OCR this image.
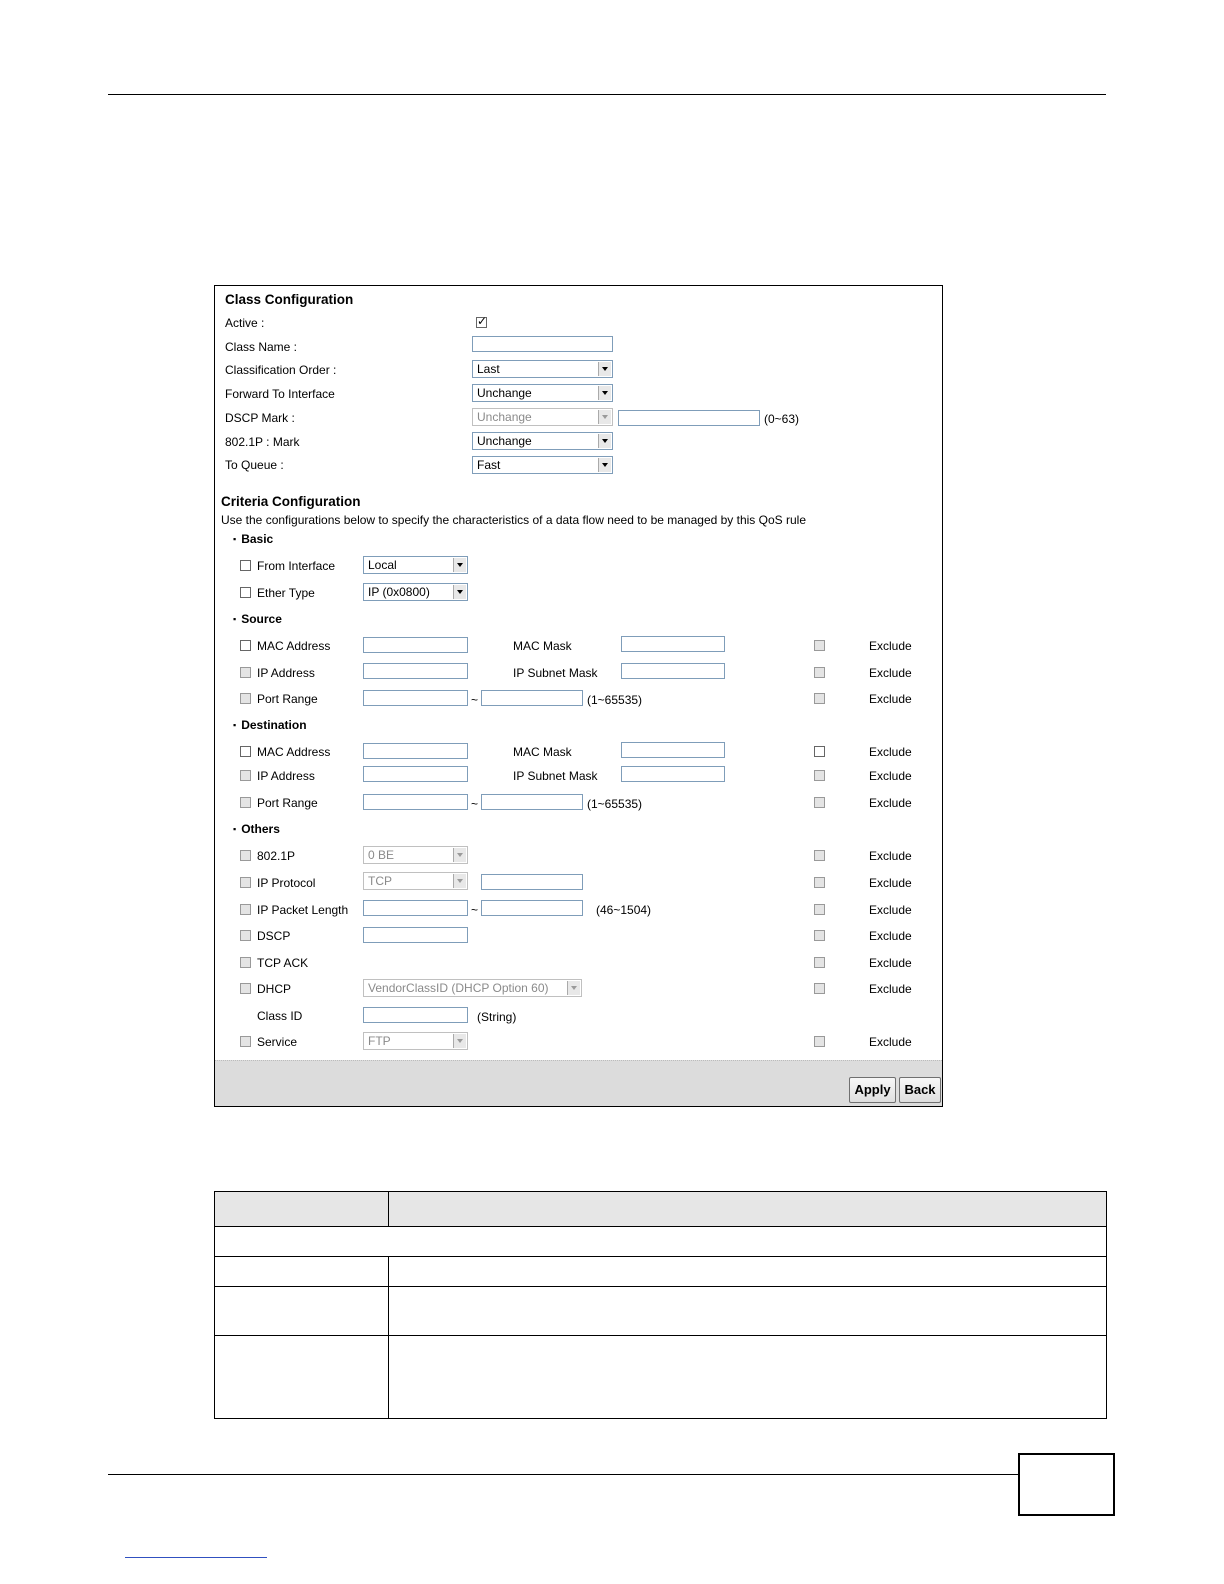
Class Configuration
Active :
✓
Class Name :
Classification Order :	Last
Forward To Interface	Unchange
DSCP Mark :	Unchange	(0~63)
802.1P : Mark	Unchange
To Queue :	Fast
Criteria Configuration
Use the configurations below to specify the characteristics of a data flow need to be managed by this QoS rule
▪ Basic
From Interface	Local
Ether Type	IP (0x0800)
▪ Source
MAC Address	MAC Mask	Exclude
IP Address	IP Subnet Mask	Exclude
Port Range	~	(1~65535)	Exclude
▪ Destination
MAC Address	MAC Mask	Exclude
IP Address	IP Subnet Mask	Exclude
Port Range	~	(1~65535)	Exclude
▪ Others
802.1P	0 BE	Exclude
IP Protocol	TCP	Exclude
IP Packet Length	~	(46~1504)	Exclude
DSCP	Exclude
TCP ACK	Exclude
DHCP	VendorClassID (DHCP Option 60)	Exclude
Class ID	(String)
Service	FTP	Exclude
Apply	Back
